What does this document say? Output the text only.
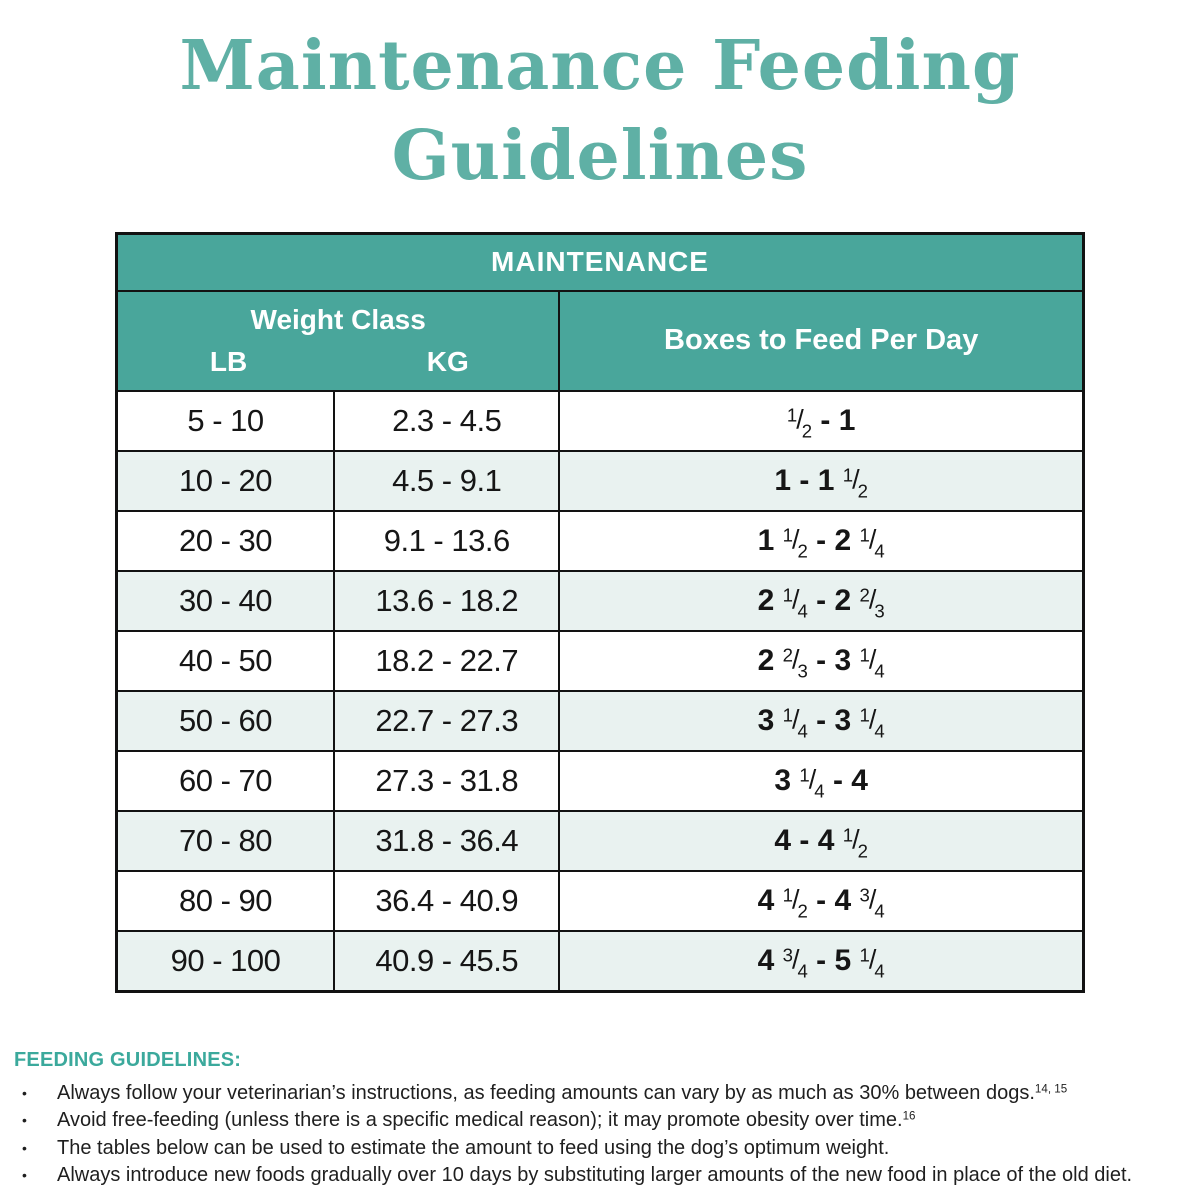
Maintenance Feeding
Guidelines
MAINTENANCE		

Weight Class
LB KG		Boxes to Feed Per Day
5 - 10	2.3 - 4.5	$^1/_2 - 1$
10 - 20	4.5 - 9.1	1 - 1 $^1/_2$
20 - 30	9.1 - 13.6	1 $^1/_2 - 2$ $^1/_4$
30 - 40	13.6 - 18.2	2 $^1/_4 - 2$ $^2/_3$
40 - 50	18.2 - 22.7	2 $^2/_3 - 3$ $^1/_4$
50 - 60	22.7 - 27.3	3 $^1/_4 - 3$ $^1/_4$
60 - 70	27.3 - 31.8	3 $^1/_4 - 4$
70 - 80	31.8 - 36.4	4 - 4 $^1/_2$
80 - 90	36.4 - 40.9	4 $^1/_2 - 4$ $^3/_4$
90 - 100	40.9 - 45.5	4 $^3/_4 - 5$ $^1/_4$
FEEDING GUIDELINES:
•	Always follow your veterinarian’s instructions, as feeding amounts can vary by as much as 30% between dogs.$^{14, 15}$
•	Avoid free-feeding (unless there is a specific medical reason); it may promote obesity over time.$^{16}$
•	The tables below can be used to estimate the amount to feed using the dog’s optimum weight.
•	Always introduce new foods gradually over 10 days by substituting larger amounts of the new food in place of the old diet.
